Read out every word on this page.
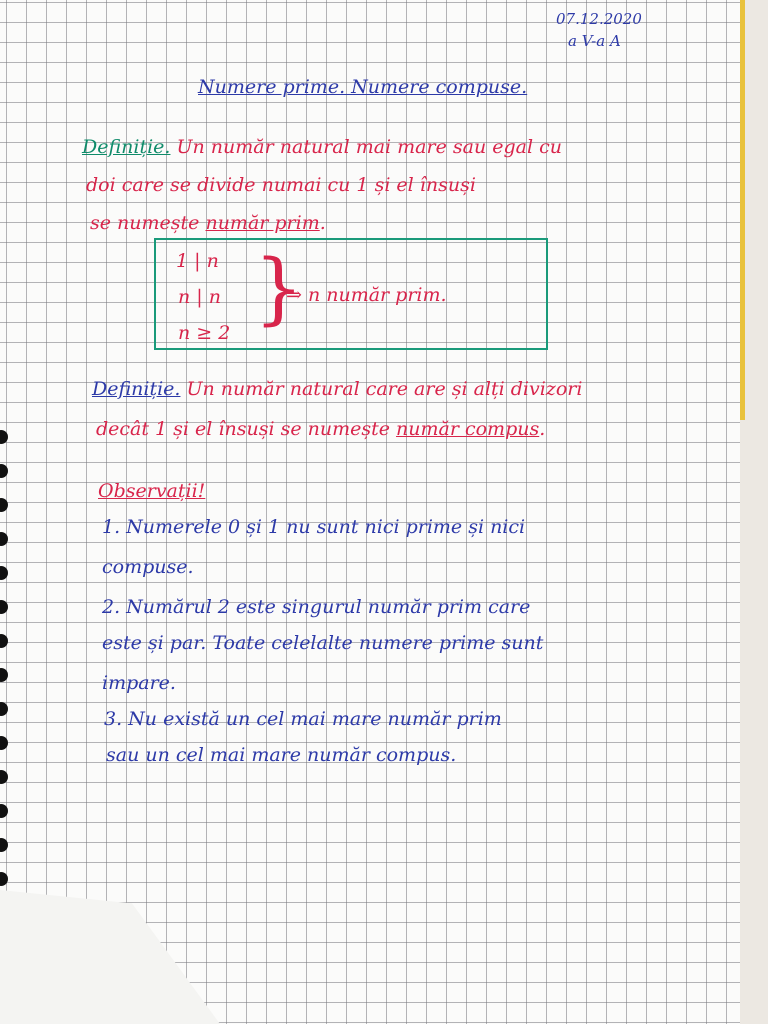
07.12.2020
a V-a A
Numere prime. Numere compuse.
Definiție. Un număr natural mai mare sau egal cu
doi care se divide numai cu 1 și el însuși
se numește număr prim.
1 | n
n | n
n ≥ 2 }
⇒ n număr prim.
Definiție. Un număr natural care are și alți divizori
decât 1 și el însuși se numește număr compus.
Observații!
1. Numerele 0 și 1 nu sunt nici prime și nici
compuse.
2. Numărul 2 este singurul număr prim care
este și par. Toate celelalte numere prime sunt
impare.
3. Nu există un cel mai mare număr prim
sau un cel mai mare număr compus.
